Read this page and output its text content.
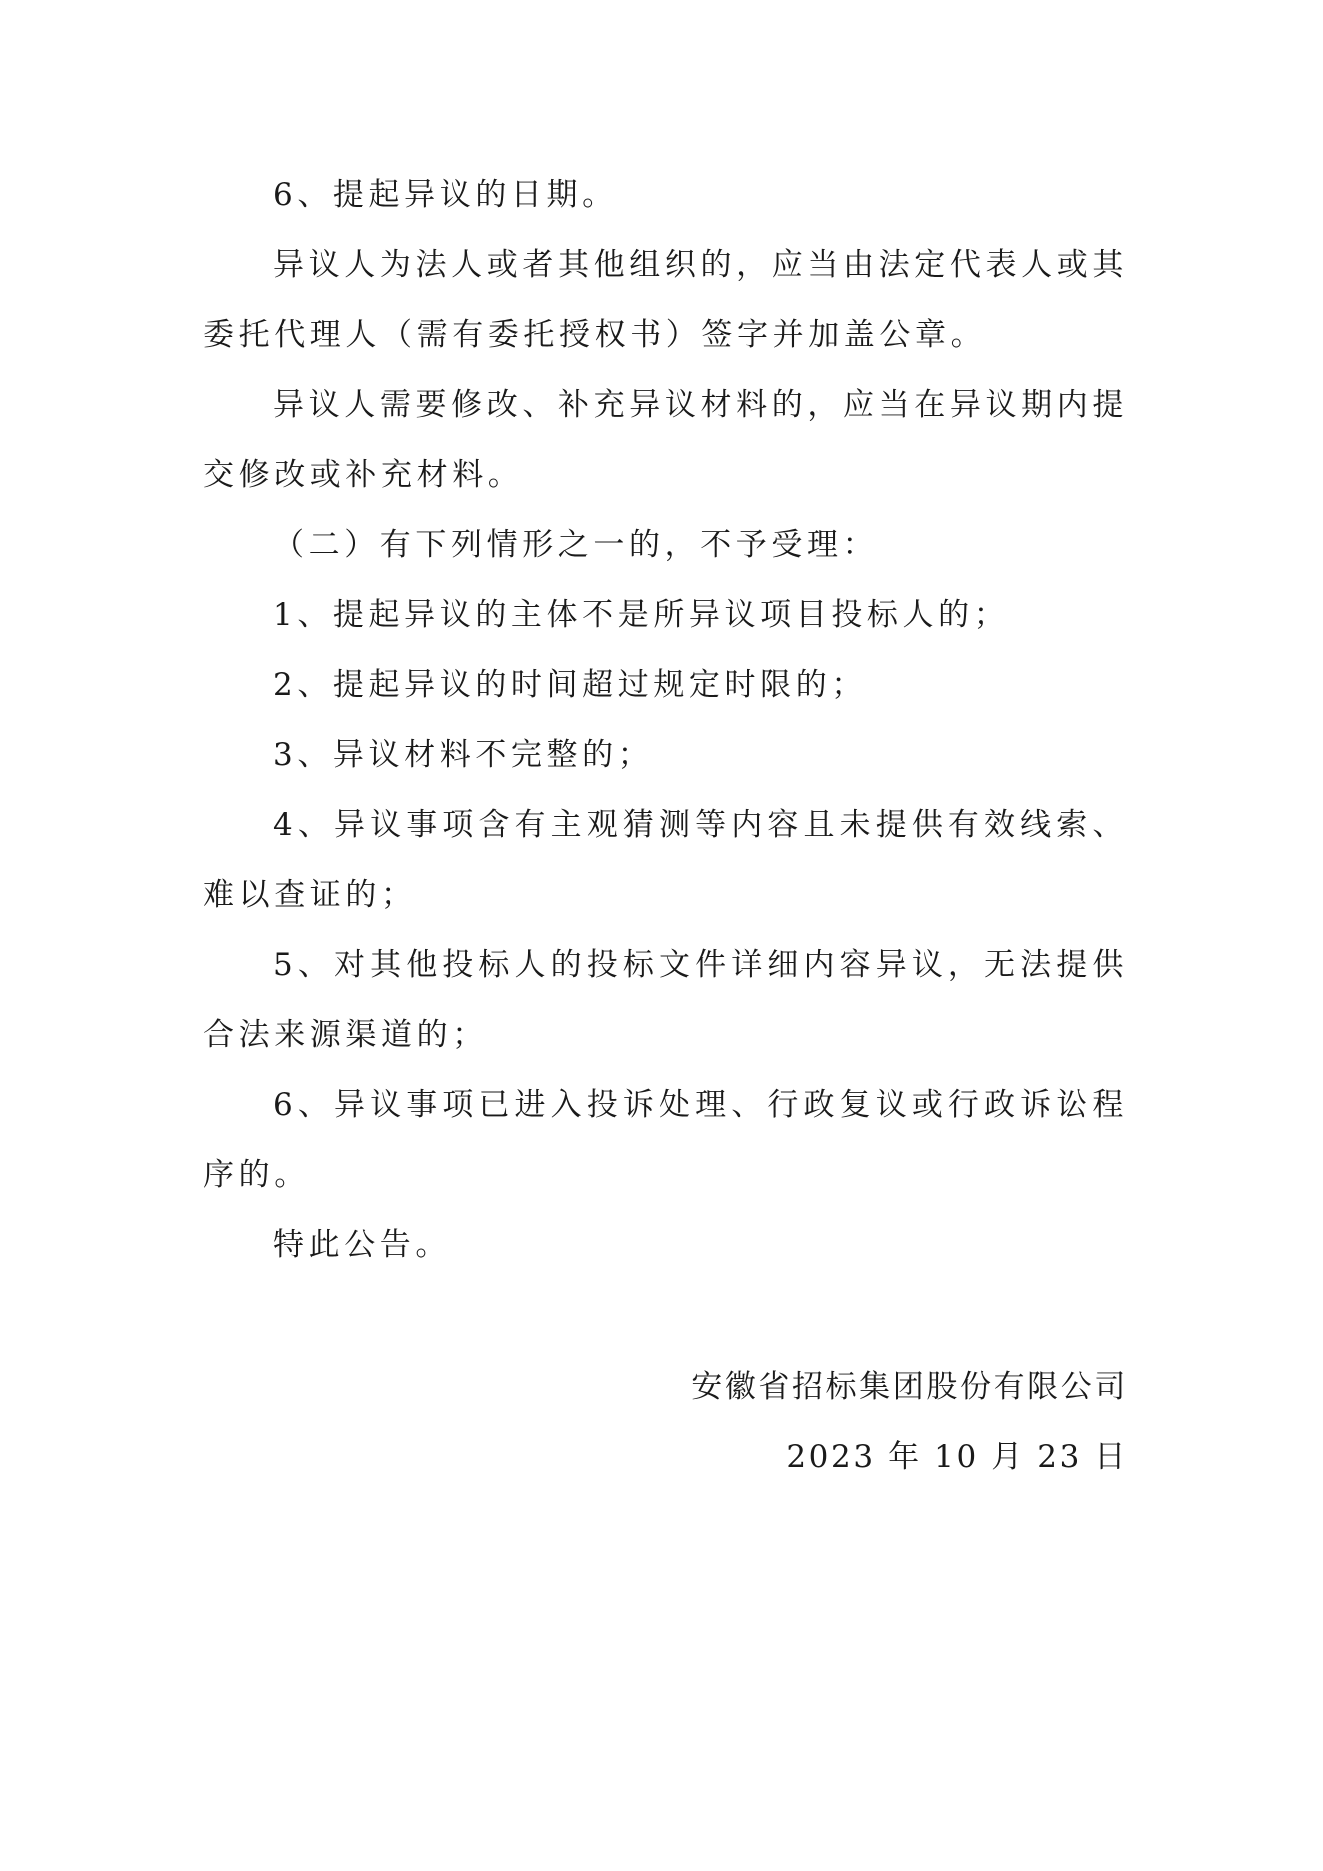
6、提起异议的日期。

异议人为法人或者其他组织的，应当由法定代表人或其委托代理人（需有委托授权书）签字并加盖公章。

异议人需要修改、补充异议材料的，应当在异议期内提交修改或补充材料。

（二）有下列情形之一的，不予受理：

1、提起异议的主体不是所异议项目投标人的；

2、提起异议的时间超过规定时限的；

3、异议材料不完整的；

4、异议事项含有主观猜测等内容且未提供有效线索、难以查证的；

5、对其他投标人的投标文件详细内容异议，无法提供合法来源渠道的；

6、异议事项已进入投诉处理、行政复议或行政诉讼程序的。

特此公告。

安徽省招标集团股份有限公司
2023 年 10 月 23 日
